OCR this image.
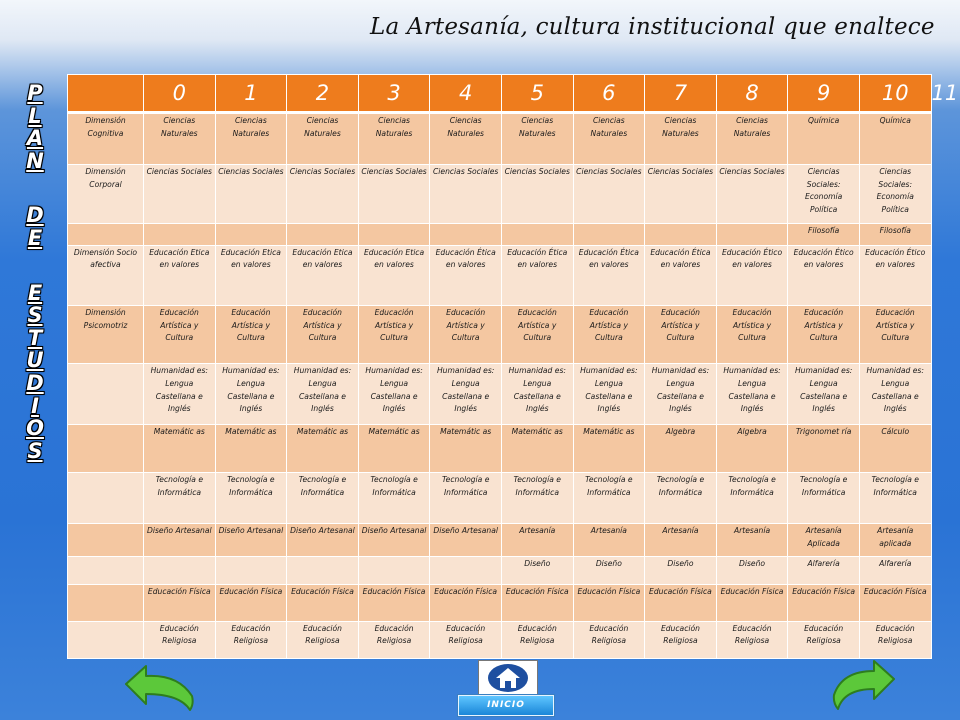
La Artesanía, cultura institucional que enaltece
P
L
A
N
D
E
E
S
T
U
D
I
O
S
	0	1	2	3	4	5	6	7	8	9	10	11
Dimensión Cognitiva	Ciencias Naturales	Ciencias Naturales	Ciencias Naturales	Ciencias Naturales	Ciencias Naturales	Ciencias Naturales	Ciencias Naturales	Ciencias Naturales	Ciencias Naturales	Química	Química	
Dimensión Corporal	Ciencias Sociales	Ciencias Sociales	Ciencias Sociales	Ciencias Sociales	Ciencias Sociales	Ciencias Sociales	Ciencias Sociales	Ciencias Sociales	Ciencias Sociales	Ciencias Sociales: Economía Política	Ciencias Sociales: Economía Política	
										Filosofía	Filosofía	
Dimensión Socio afectiva	Educación Etica en valores	Educación Etica en valores	Educación Etica en valores	Educación Etica en valores	Educación Ética en valores	Educación Ética en valores	Educación Ética en valores	Educación Ética en valores	Educación Ético en valores	Educación Ético en valores	Educación Ético en valores	
Dimensión Psicomotriz	Educación Artística y Cultura	Educación Artística y Cultura	Educación Artística y Cultura	Educación Artística y Cultura	Educación Artística y Cultura	Educación Artística y Cultura	Educación Artística y Cultura	Educación Artística y Cultura	Educación Artística y Cultura	Educación Artística y Cultura	Educación Artística y Cultura	
	Humanidad es: Lengua Castellana e Inglés	Humanidad es: Lengua Castellana e Inglés	Humanidad es: Lengua Castellana e Inglés	Humanidad es: Lengua Castellana e Inglés	Humanidad es: Lengua Castellana e Inglés	Humanidad es: Lengua Castellana e Inglés	Humanidad es: Lengua Castellana e Inglés	Humanidad es: Lengua Castellana e Inglés	Humanidad es: Lengua Castellana e Inglés	Humanidad es: Lengua Castellana e Inglés	Humanidad es: Lengua Castellana e Inglés	
	Matemátic as	Matemátic as	Matemátic as	Matemátic as	Matemátic as	Matemátic as	Matemátic as	Algebra	Algebra	Trigonomet ría	Cálculo	
	Tecnología e Informática	Tecnología e Informática	Tecnología e Informática	Tecnología e Informática	Tecnología e Informática	Tecnología e Informática	Tecnología e Informática	Tecnología e Informática	Tecnología e Informática	Tecnología e Informática	Tecnología e Informática	
	Diseño Artesanal	Diseño Artesanal	Diseño Artesanal	Diseño Artesanal	Diseño Artesanal	Artesanía	Artesanía	Artesanía	Artesanía	Artesanía Aplicada	Artesanía aplicada	
						Diseño	Diseño	Diseño	Diseño	Alfarería	Alfarería	
	Educación Física	Educación Física	Educación Física	Educación Física	Educación Física	Educación Física	Educación Física	Educación Física	Educación Física	Educación Física	Educación Física	
	Educación Religiosa	Educación Religiosa	Educación Religiosa	Educación Religiosa	Educación Religiosa	Educación Religiosa	Educación Religiosa	Educación Religiosa	Educación Religiosa	Educación Religiosa	Educación Religiosa	
INICIO
